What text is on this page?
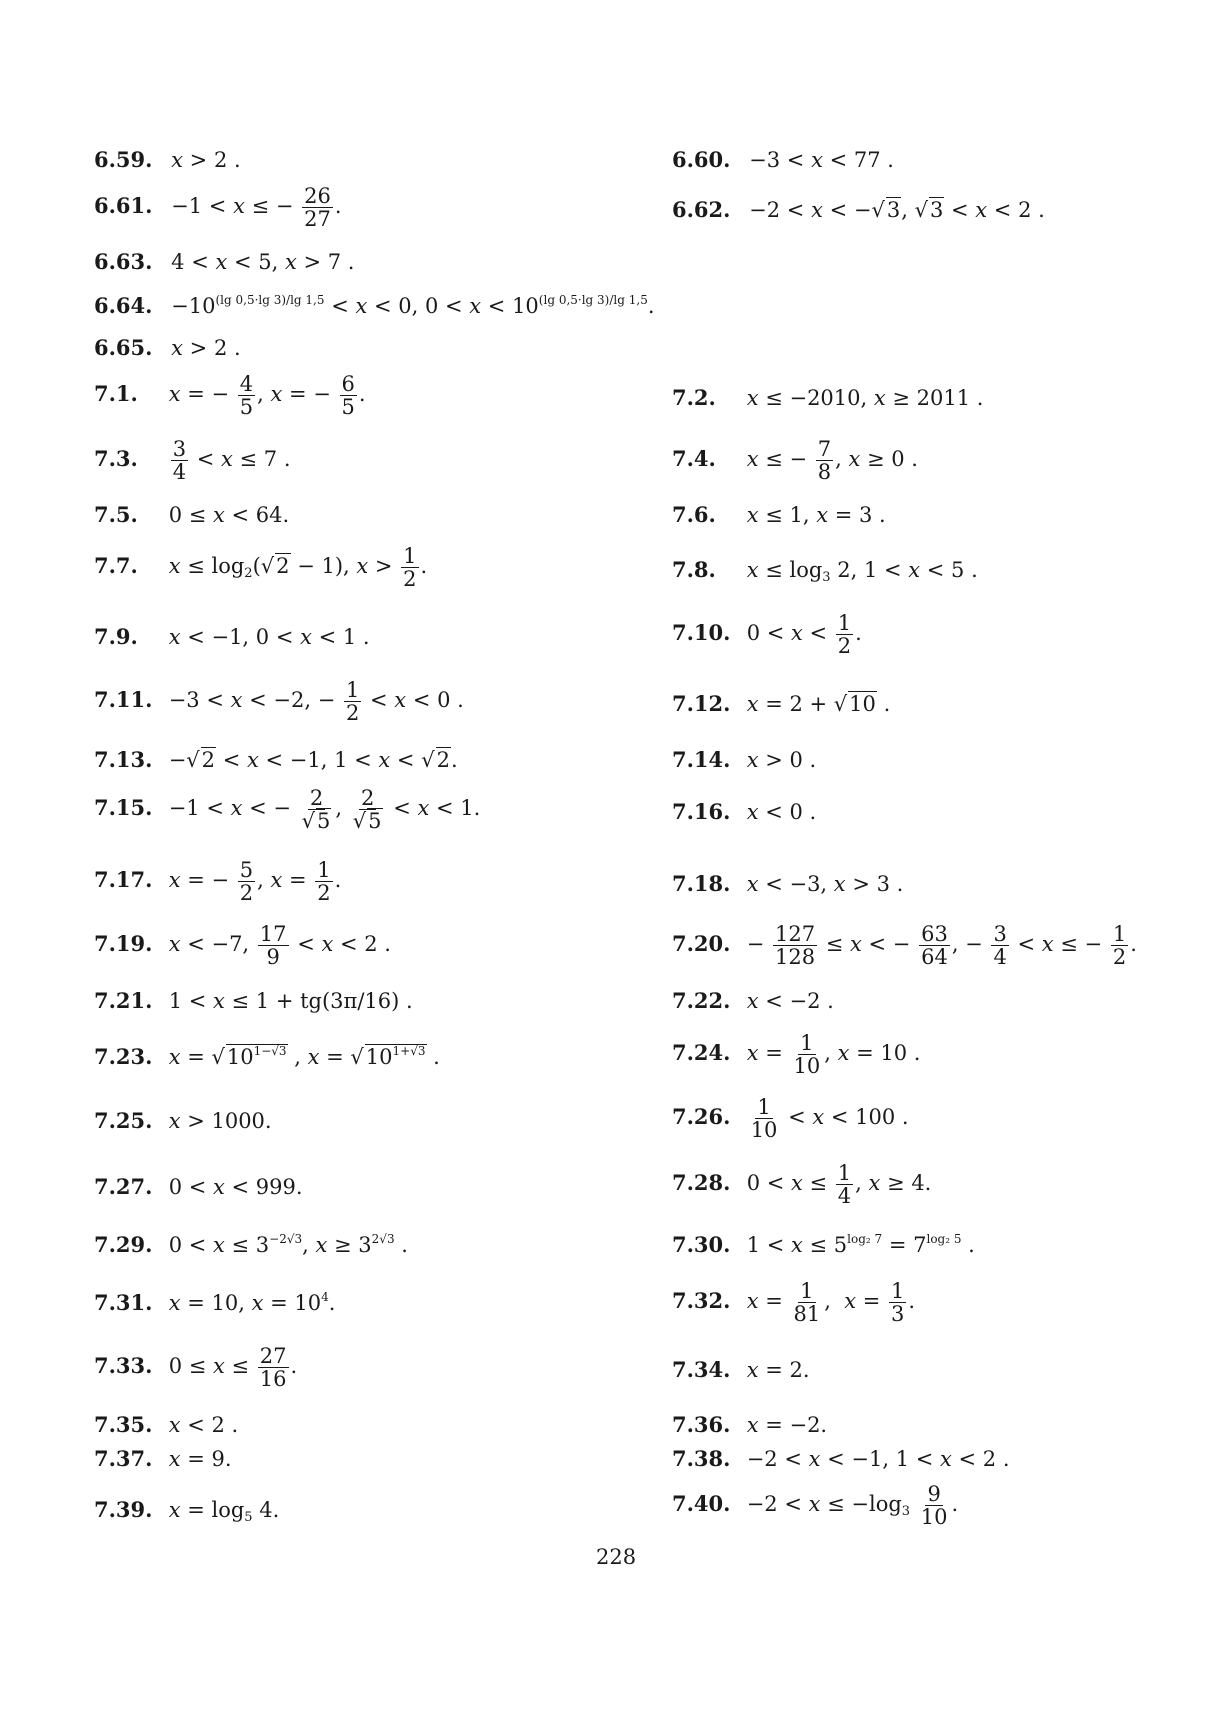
6.59. x > 2 .	6.60. −3 < x < 77 .
6.61. −1 < x ≤ − $\frac{26}{27}$ .	6.62. −2 < x < −√3, √3 < x < 2 .
6.63. 4 < x < 5, x > 7 .
6.64. $-10^{(lg 0,5\cdot lg 3)/lg 1,5} < x < 0$, $0 < x < 10^{(lg 0,5\cdot lg 3)/lg 1,5}$.
6.65. x > 2 .
7.1. x = − $\frac{4}{5}$ , x = − $\frac{6}{5}$ .	7.2. x ≤ −2010, x ≥ 2011 .
7.3. $\frac{3}{4} < x \le 7$ .	7.4. x ≤ − $\frac{7}{8}$ , x ≥ 0 .
7.5. 0 ≤ x < 64.	7.6. x ≤ 1, x = 3 .
7.7. $x \le \log_2(√2 - 1)$, $x > \frac{1}{2}$ .	7.8. $x \le \log_3 2$, 1 < x < 5 .
7.9. x < −1, 0 < x < 1 .	7.10. $0 < x < \frac{1}{2}$ .
7.11. −3 < x < −2, − $\frac{1}{2} < x < 0$ .	7.12. x = 2 + √10 .
7.13. −√2 < x < −1, 1 < x < √2.	7.14. x > 0 .
7.15. −1 < x < − $\frac{2}{√5}$ , $\frac{2}{√5} < x < 1$.	7.16. x < 0 .
7.17. x = − $\frac{5}{2}$ , $x = \frac{1}{2}$ .	7.18. x < −3, x > 3 .
7.19. x < −7, $\frac{17}{9} < x < 2$ .	7.20. − $\frac{127}{128} \le x$ < − $\frac{63}{64}$ , − $\frac{3}{4} < x$ ≤ − $\frac{1}{2}$ .
7.21. 1 < x ≤ 1 + tg(3π/16) .	7.22. x < −2 .
7.23. $x = √10^{1-√3}$ , $x = √10^{1+√3}$ .	7.24. $x = \frac{1}{10}$ , x = 10 .
7.25. x > 1000.	7.26. $\frac{1}{10} < x < 100$ .
7.27. 0 < x < 999.	7.28. $0 < x \le \frac{1}{4}$ , x ≥ 4.
7.29. $0 < x \le 3^{-2√3}$, $x \ge 3^{2√3}$ .	7.30. $1 < x \le 5^{log_2 7} = 7^{log_2 5}$ .
7.31. x = 10, $x = 10^4$.	7.32. $x = \frac{1}{81}$ ,  $x = \frac{1}{3}$ .
7.33. $0 \le x \le \frac{27}{16}$ .	7.34. x = 2.
7.35. x < 2 .	7.36. x = −2.
7.37. x = 9.	7.38. −2 < x < −1, 1 < x < 2 .
7.39. $x = \log_5 4$.	7.40. $-2 < x \le -\log_3 \frac{9}{10}$ .
228
